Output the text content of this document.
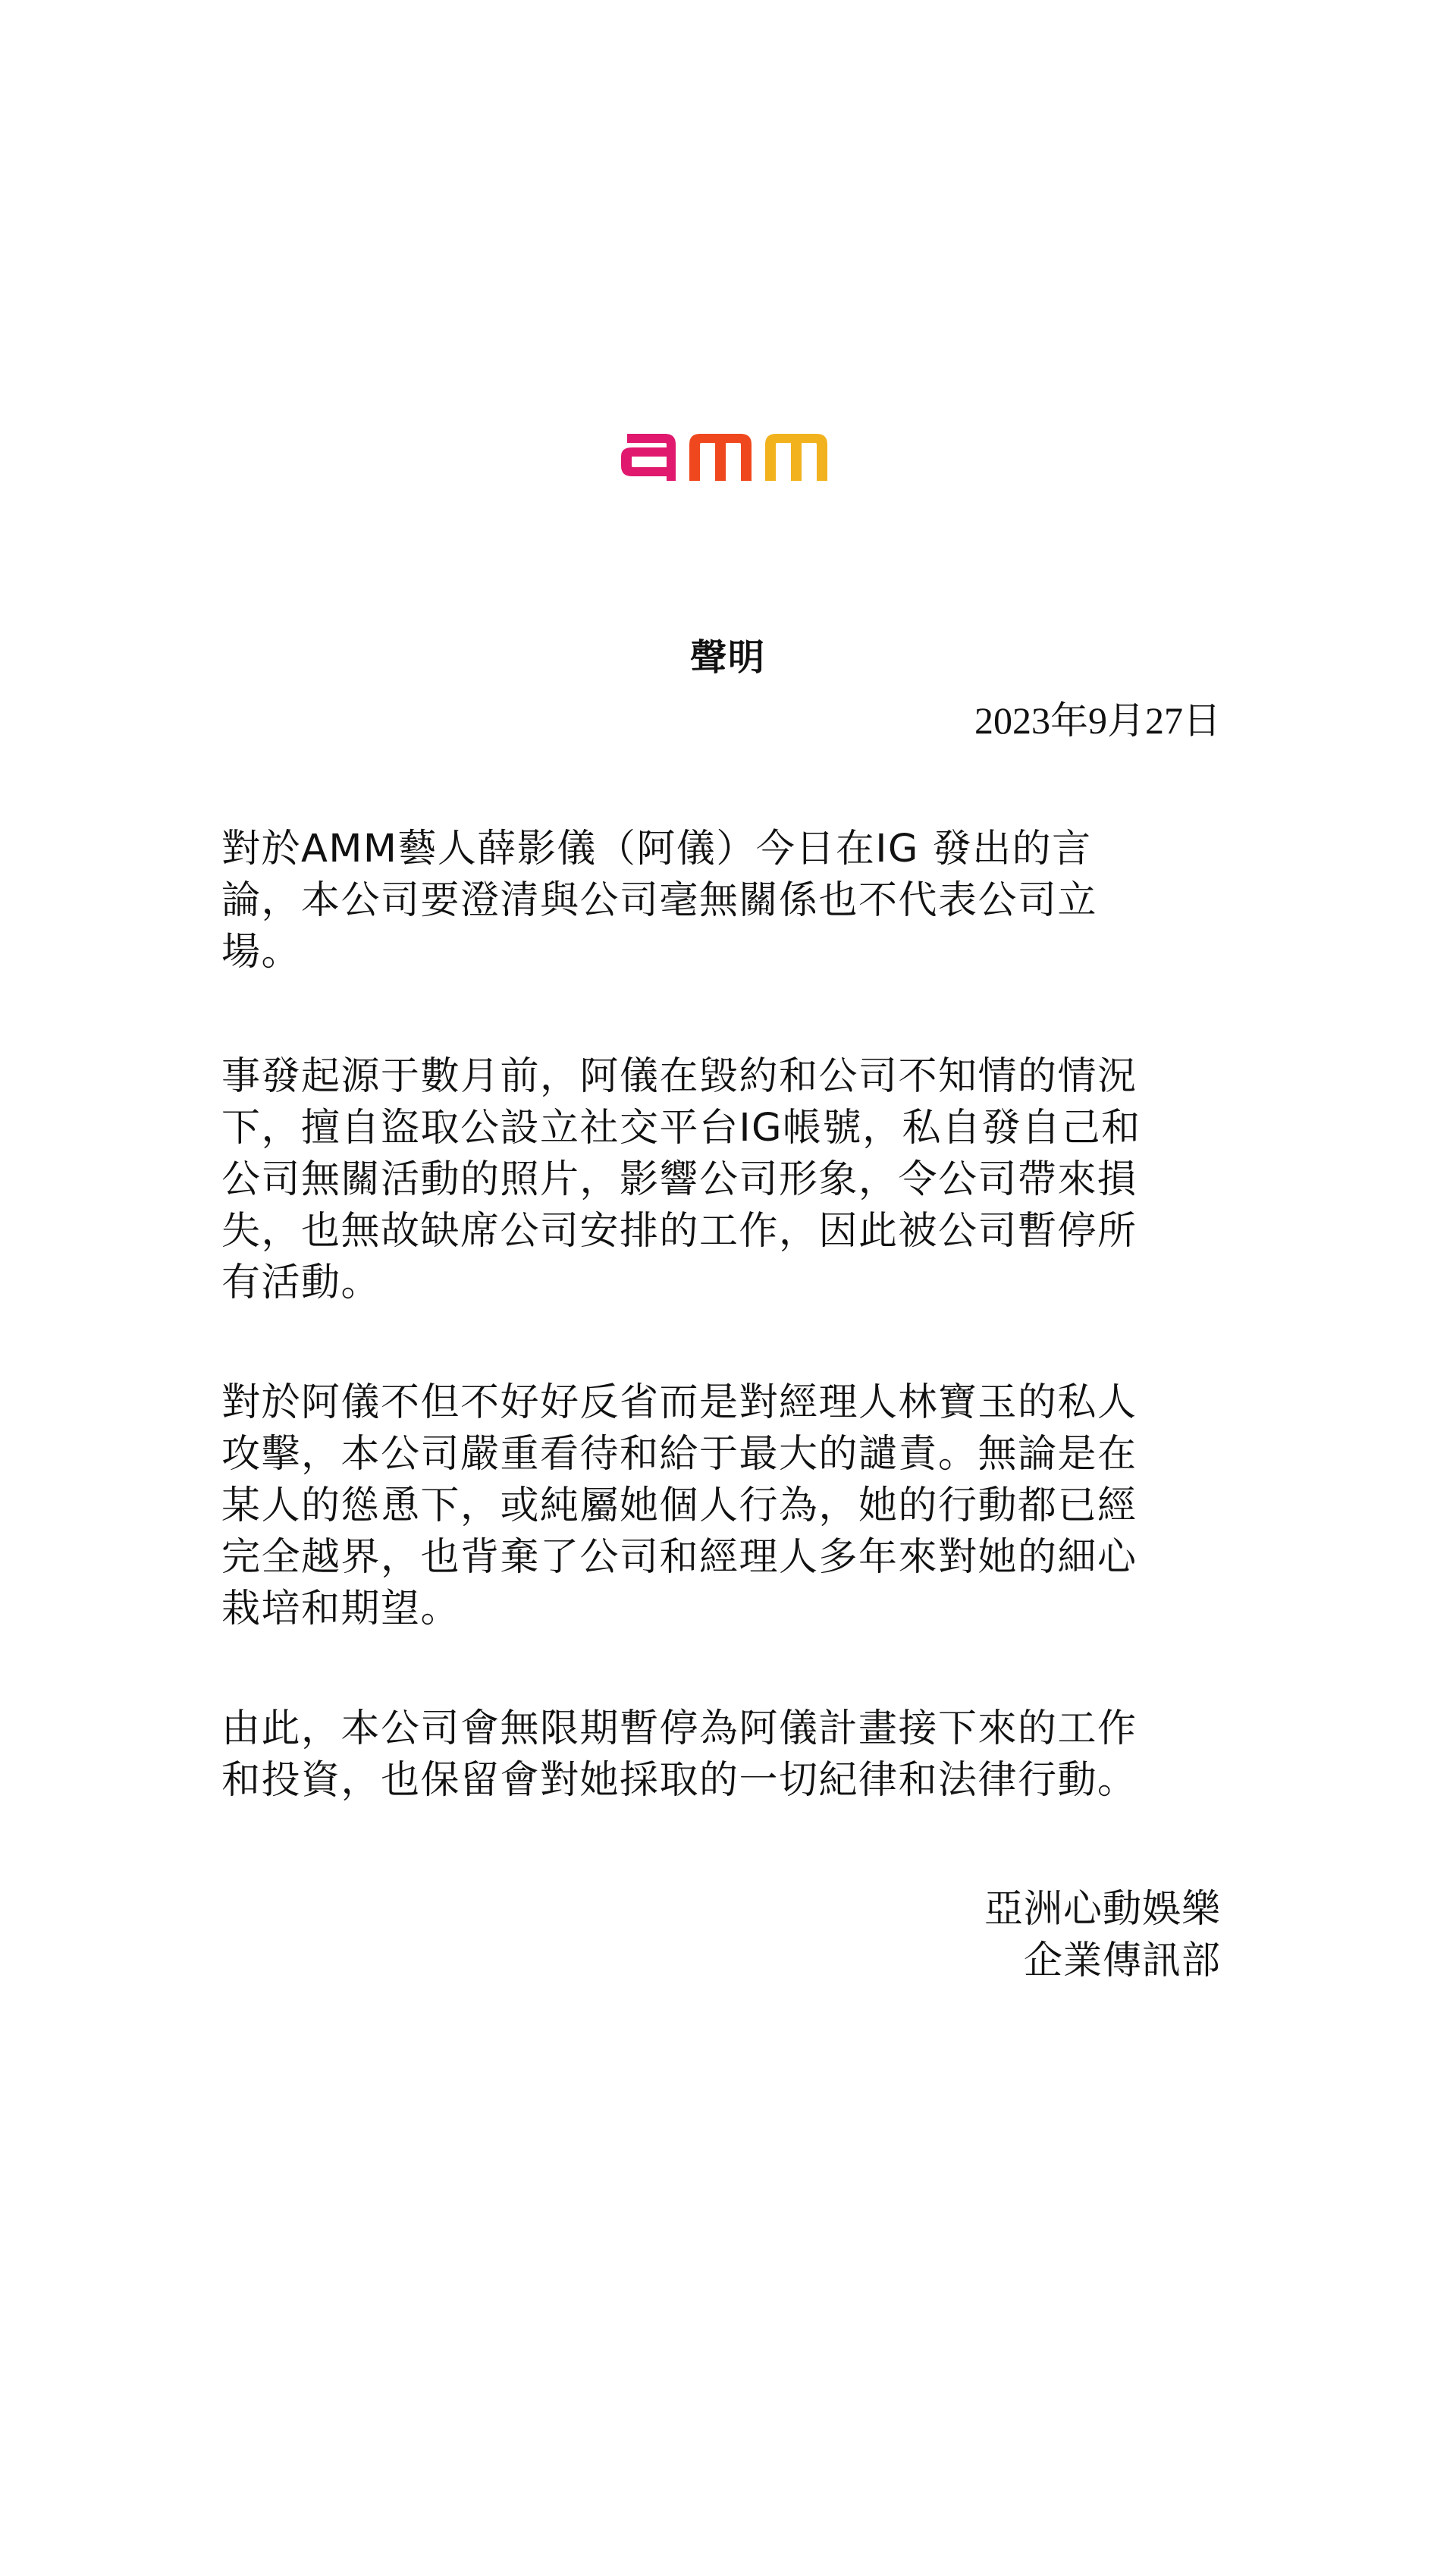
聲明
2023年9月27日
對於AMM藝人薛影儀（阿儀）今日在IG 發出的言
論，本公司要澄清與公司毫無關係也不代表公司立
場。
事發起源于數月前，阿儀在毀約和公司不知情的情況
下，擅自盜取公設立社交平台IG帳號，私自發自己和
公司無關活動的照片，影響公司形象，令公司帶來損
失，也無故缺席公司安排的工作，因此被公司暫停所
有活動。
對於阿儀不但不好好反省而是對經理人林寶玉的私人
攻擊，本公司嚴重看待和給于最大的譴責。無論是在
某人的慫恿下，或純屬她個人行為，她的行動都已經
完全越界，也背棄了公司和經理人多年來對她的細心
栽培和期望。
由此，本公司會無限期暫停為阿儀計畫接下來的工作
和投資，也保留會對她採取的一切紀律和法律行動。
亞洲心動娛樂
企業傳訊部
